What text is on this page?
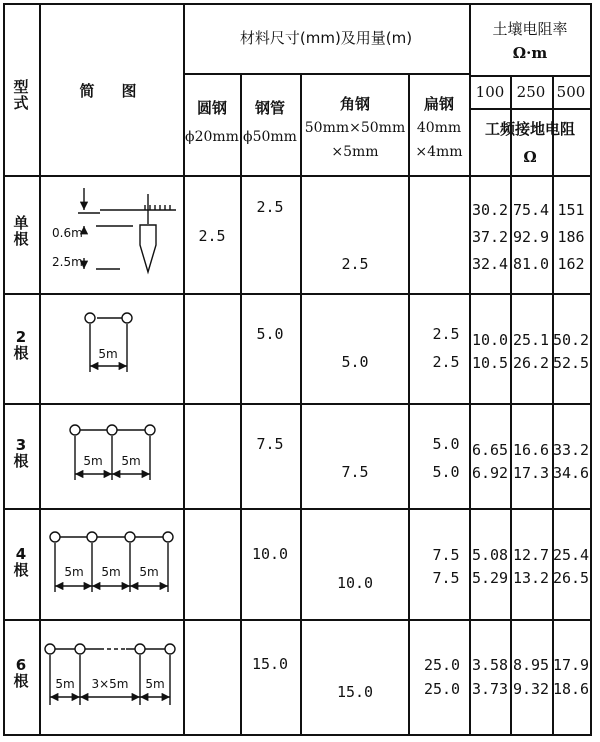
型
式
简　图
材料尺寸(mm)及用量(m)	土壤电阻率
Ω·m
圆钢
ϕ20mm
钢管
ϕ50mm
角钢
50mm×50mm
×5mm
扁钢
40mm
×4mm
100 250 500
工频接地电阻
Ω
单
根
2
根
3
根
4
根
6
根
2.5
2.5
2.5
30.2 75.4 151
37.2 92.9 186
32.4 81.0 162
5.0
5.0
2.5
2.5
10.0 25.1 50.2
10.5 26.2 52.5
7.5
7.5
5.0
5.0
6.65 16.6 33.2
6.92 17.3 34.6
10.0
10.0
7.5
7.5
5.08 12.7 25.4
5.29 13.2 26.5
15.0
15.0
25.0
25.0
3.58 8.95 17.9
3.73 9.32 18.6
0.6m
2.5m
5m
5m 5m
5m 5m 5m
5m 3×5m 5m
